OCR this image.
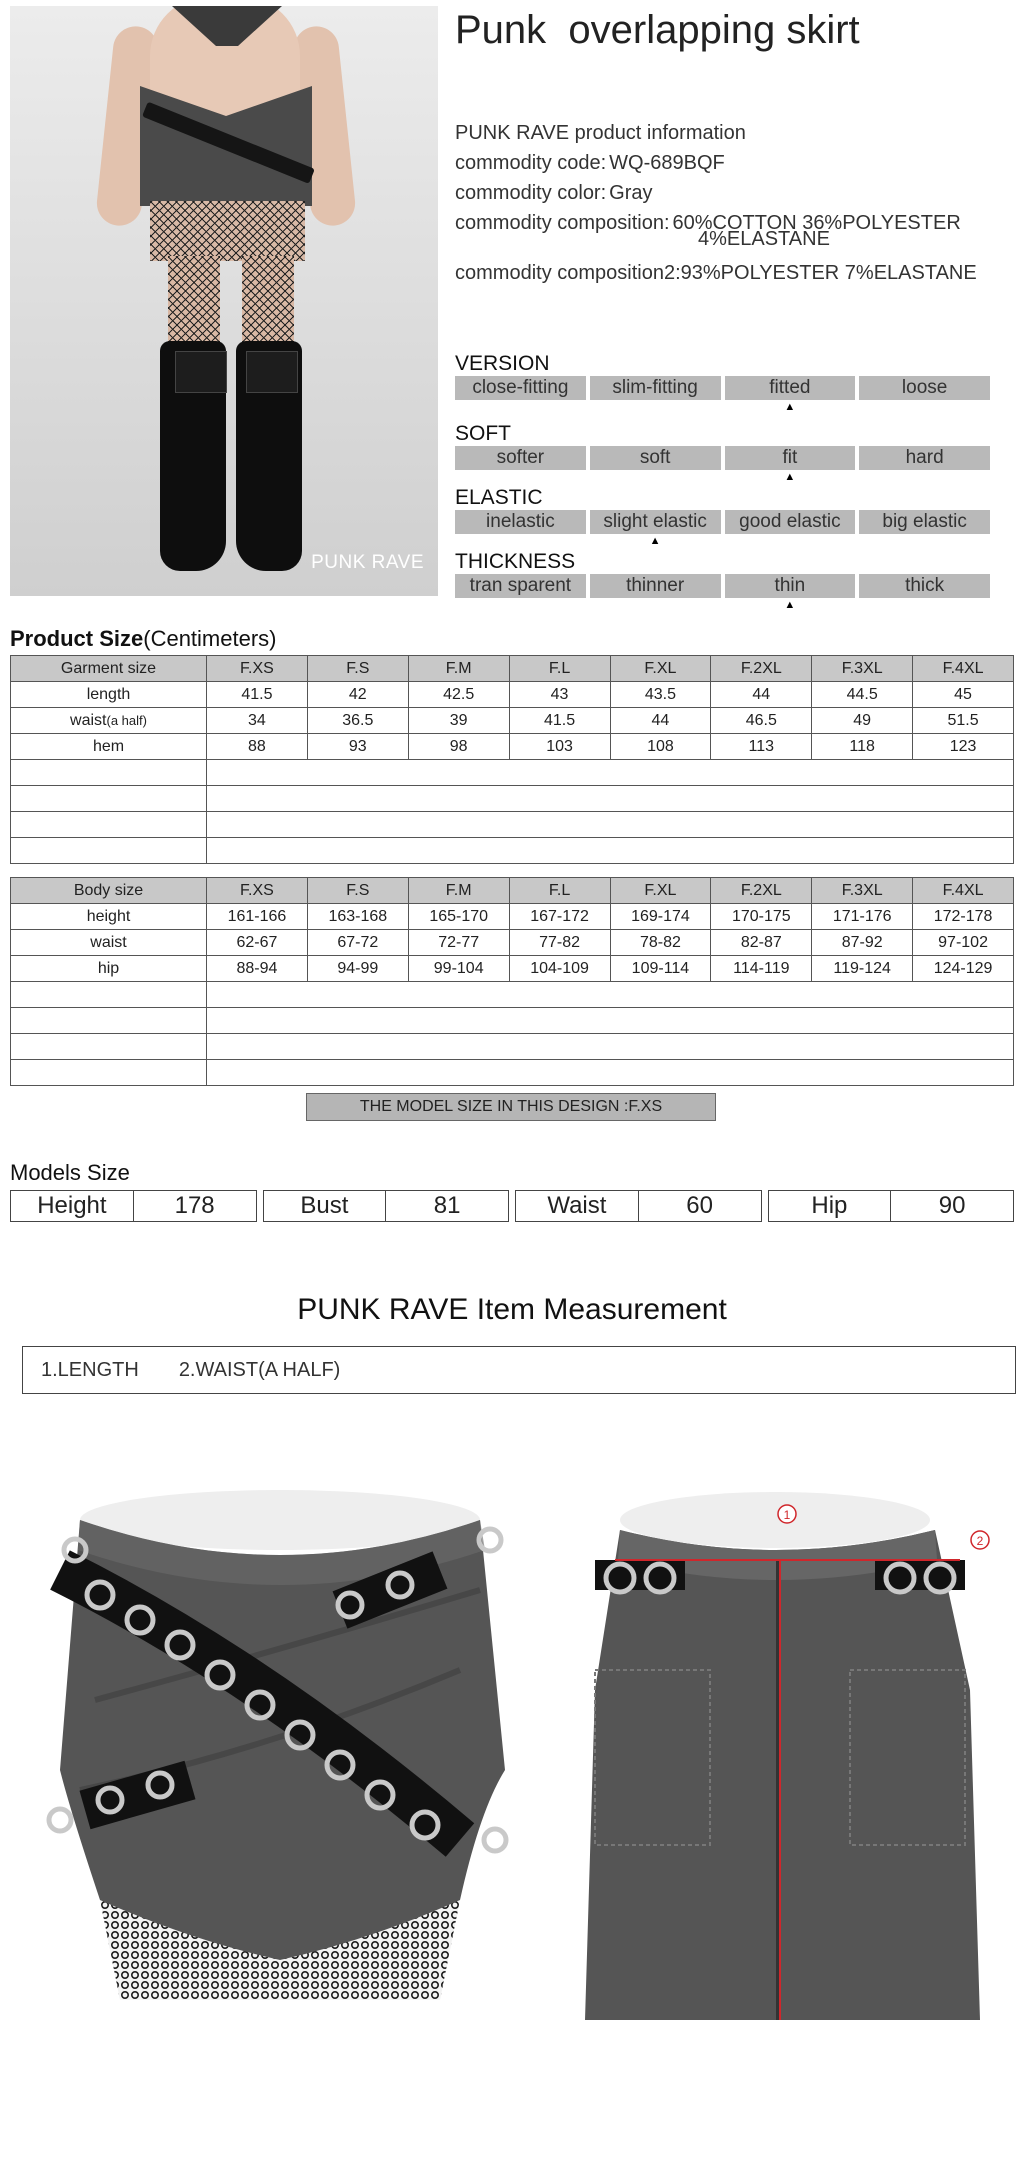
PUNK RAVE
Punk  overlapping skirt
PUNK RAVE product information
commodity code: WQ-689BQF
commodity color: Gray
commodity composition: 60%COTTON 36%POLYESTER
4%ELASTANE
commodity composition2:93%POLYESTER 7%ELASTANE
VERSION
close-fitting	slim-fitting	fitted	loose
▲
SOFT
softer	soft	fit	hard
▲
ELASTIC
inelastic	slight elastic	good elastic	big elastic
▲
THICKNESS
tran sparent	thinner	thin	thick
▲
Product Size(Centimeters)
Garment size	F.XS	F.S	F.M	F.L	F.XL	F.2XL	F.3XL	F.4XL
length	41.5	42	42.5	43	43.5	44	44.5	45
waist(a half)	34	36.5	39	41.5	44	46.5	49	51.5
hem	88	93	98	103	108	113	118	123

Body size	F.XS	F.S	F.M	F.L	F.XL	F.2XL	F.3XL	F.4XL
height	161-166	163-168	165-170	167-172	169-174	170-175	171-176	172-178
waist	62-67	67-72	72-77	77-82	78-82	82-87	87-92	97-102
hip	88-94	94-99	99-104	104-109	109-114	114-119	119-124	124-129

THE MODEL SIZE IN THIS DESIGN :F.XS
Models Size
Height	178	Bust	81	Waist	60	Hip	90
PUNK RAVE Item Measurement
1.LENGTH 2.WAIST(A HALF)
1
2
